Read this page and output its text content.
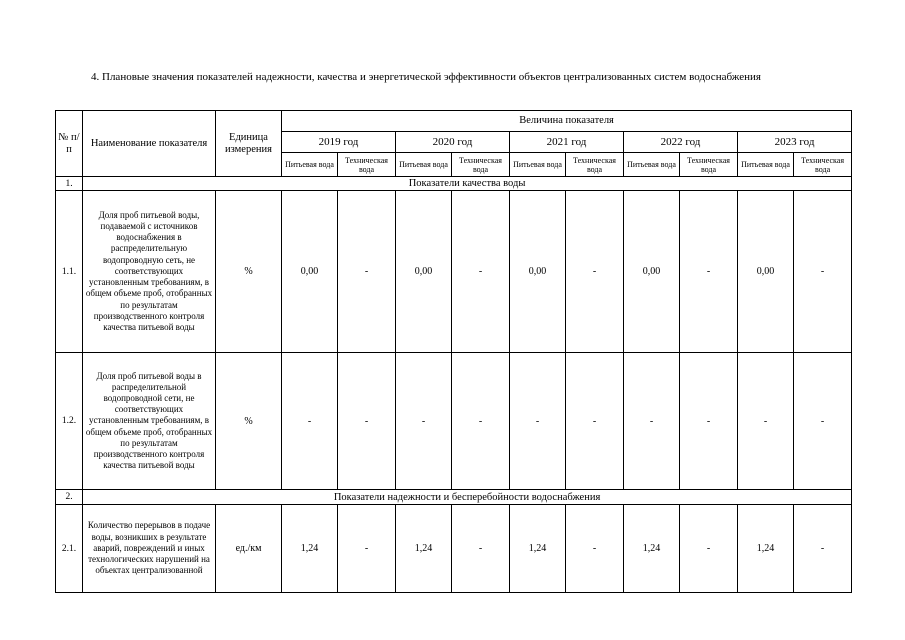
4. Плановые значения показателей надежности, качества и энергетической эффективности объектов централизованных систем водоснабжения
№ п/п	Наименование показателя	Единица измерения	Величина показателя									
			2019 год		2020 год		2021 год		2022 год		2023 год	
			Питьевая вода	Техническая вода	Питьевая вода	Техническая вода	Питьевая вода	Техническая вода	Питьевая вода	Техническая вода	Питьевая вода	Техническая вода
1.	Показатели качества воды											
1.1.	Доля проб питьевой воды, подаваемой с источников водоснабжения в распределительную водопроводную сеть, не соответствующих установленным требованиям, в общем объеме проб, отобранных по результатам производственного контроля качества питьевой воды	%	0,00	-	0,00	-	0,00	-	0,00	-	0,00	-
1.2.	Доля проб питьевой воды в распределительной водопроводной сети, не соответствующих установленным требованиям, в общем объеме проб, отобранных по результатам производственного контроля качества питьевой воды	%	-	-	-	-	-	-	-	-	-	-
2.	Показатели надежности и бесперебойности водоснабжения											
2.1.	Количество перерывов в подаче воды, возникших в результате аварий, повреждений и иных технологических нарушений на объектах централизованной	ед./км	1,24	-	1,24	-	1,24	-	1,24	-	1,24	-
